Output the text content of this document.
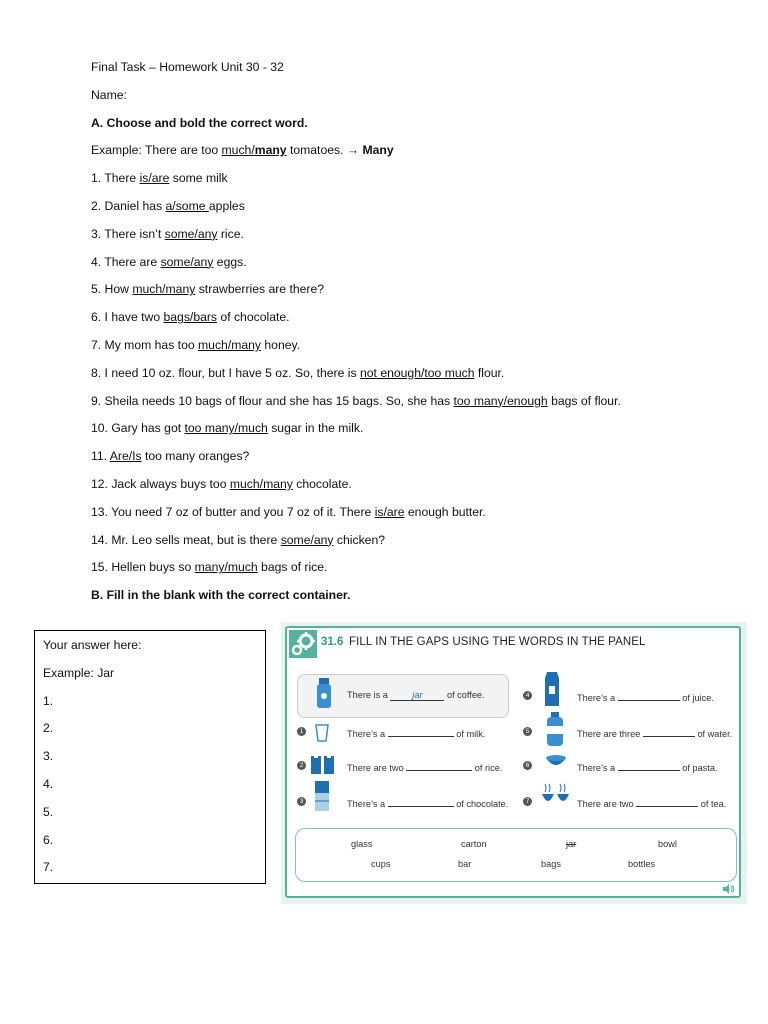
Final Task – Homework Unit 30 - 32
Name:
A. Choose and bold the correct word.
Example: There are too much/many tomatoes. → Many
1. There is/are some milk
2. Daniel has a/some apples
3. There isn’t some/any rice.
4. There are some/any eggs.
5. How much/many strawberries are there?
6. I have two bags/bars of chocolate.
7. My mom has too much/many honey.
8. I need 10 oz. flour, but I have 5 oz. So, there is not enough/too much flour.
9. Sheila needs 10 bags of flour and she has 15 bags. So, she has too many/enough bags of flour.
10. Gary has got too many/much sugar in the milk.
11. Are/Is too many oranges?
12. Jack always buys too much/many chocolate.
13. You need 7 oz of butter and you 7 oz of it. There is/are enough butter.
14. Mr. Leo sells meat, but is there some/any chicken?
15. Hellen buys so many/much bags of rice.
B. Fill in the blank with the correct container.
Your answer here:
Example: Jar
1.
2.
3.
4.
5.
6.
7.
31.6 FILL IN THE GAPS USING THE WORDS IN THE PANEL
There is a jar of coffee.
1	There’s a	of milk.
2	There are two	of rice.
3	There’s a	of chocolate.
4	There’s a	of juice.
5	There are three	of water.
6	There’s a	of pasta.
7	There are two	of tea.
glass	carton	jar	bowl
cups	bar	bags	bottles
